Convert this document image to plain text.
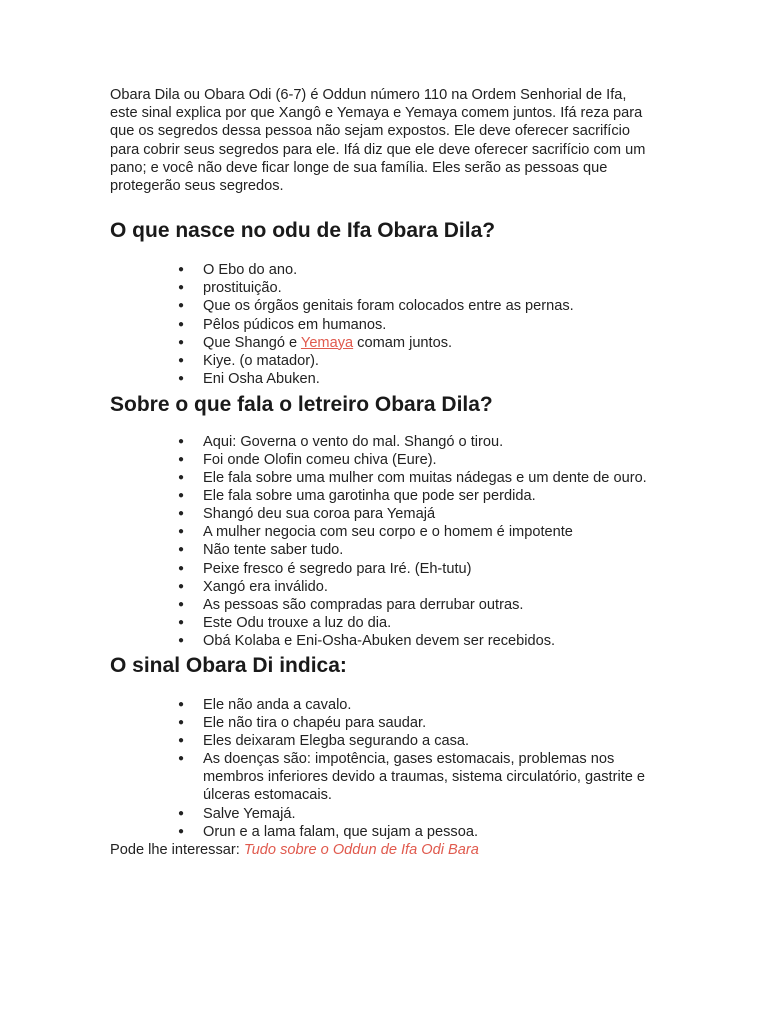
Obara Dila ou Obara Odi (6-7) é Oddun número 110 na Ordem Senhorial de Ifa, este sinal explica por que Xangô e Yemaya e Yemaya comem juntos. Ifá reza para que os segredos dessa pessoa não sejam expostos. Ele deve oferecer sacrifício para cobrir seus segredos para ele. Ifá diz que ele deve oferecer sacrifício com um pano; e você não deve ficar longe de sua família. Eles serão as pessoas que protegerão seus segredos.

O que nasce no odu de Ifa Obara Dila?
● O Ebo do ano.
● prostituição.
● Que os órgãos genitais foram colocados entre as pernas.
● Pêlos púdicos em humanos.
● Que Shangó e Yemaya comam juntos.
● Kiye. (o matador).
● Eni Osha Abuken.
Sobre o que fala o letreiro Obara Dila?
● Aqui: Governa o vento do mal. Shangó o tirou.
● Foi onde Olofin comeu chiva (Eure).
● Ele fala sobre uma mulher com muitas nádegas e um dente de ouro.
● Ele fala sobre uma garotinha que pode ser perdida.
● Shangó deu sua coroa para Yemajá
● A mulher negocia com seu corpo e o homem é impotente
● Não tente saber tudo.
● Peixe fresco é segredo para Iré. (Eh-tutu)
● Xangó era inválido.
● As pessoas são compradas para derrubar outras.
● Este Odu trouxe a luz do dia.
● Obá Kolaba e Eni-Osha-Abuken devem ser recebidos.
O sinal Obara Di indica:
● Ele não anda a cavalo.
● Ele não tira o chapéu para saudar.
● Eles deixaram Elegba segurando a casa.
● As doenças são: impotência, gases estomacais, problemas nos membros inferiores devido a traumas, sistema circulatório, gastrite e úlceras estomacais.
● Salve Yemajá.
● Orun e a lama falam, que sujam a pessoa.

Pode lhe interessar: Tudo sobre o Oddun de Ifa Odi Bara
